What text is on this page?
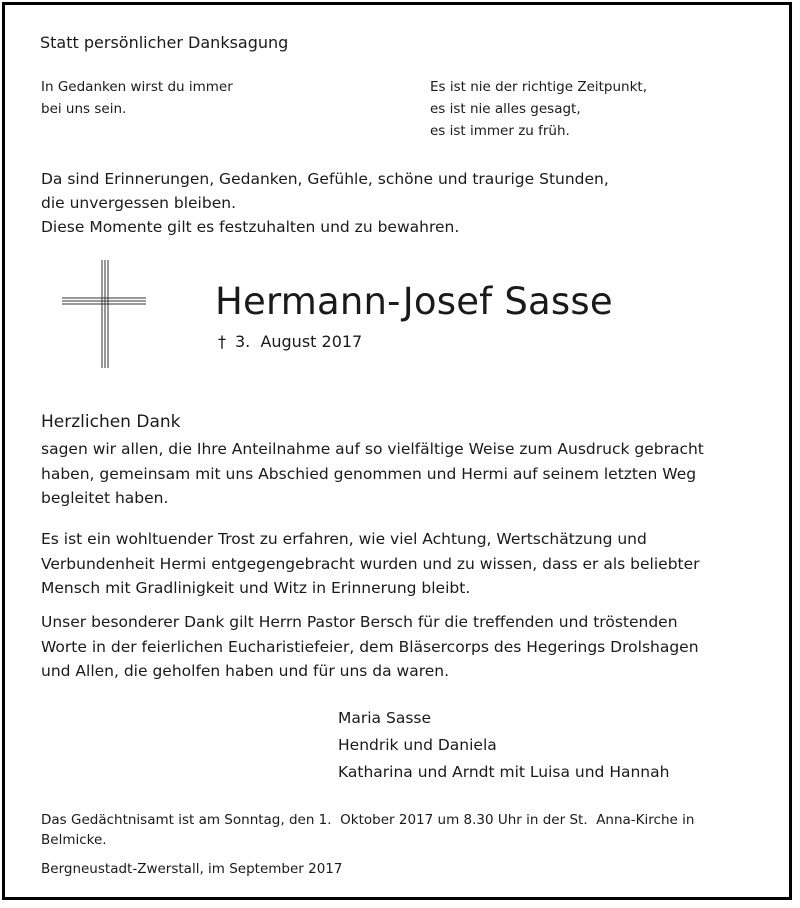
Statt persönlicher Danksagung
In Gedanken wirst du immer
bei uns sein.
Es ist nie der richtige Zeitpunkt,
es ist nie alles gesagt,
es ist immer zu früh.
Da sind Erinnerungen, Gedanken, Gefühle, schöne und traurige Stunden,
die unvergessen bleiben.
Diese Momente gilt es festzuhalten und zu bewahren.
Hermann-Josef Sasse
† 3.  August 2017
Herzlichen Dank
sagen wir allen, die Ihre Anteilnahme auf so vielfältige Weise zum Ausdruck gebracht
haben, gemeinsam mit uns Abschied genommen und Hermi auf seinem letzten Weg
begleitet haben.
Es ist ein wohltuender Trost zu erfahren, wie viel Achtung, Wertschätzung und
Verbundenheit Hermi entgegengebracht wurden und zu wissen, dass er als beliebter
Mensch mit Gradlinigkeit und Witz in Erinnerung bleibt.
Unser besonderer Dank gilt Herrn Pastor Bersch für die treffenden und tröstenden
Worte in der feierlichen Eucharistiefeier, dem Bläsercorps des Hegerings Drolshagen
und Allen, die geholfen haben und für uns da waren.
Maria Sasse
Hendrik und Daniela
Katharina und Arndt mit Luisa und Hannah
Das Gedächtnisamt ist am Sonntag, den 1.  Oktober 2017 um 8.30 Uhr in der St.  Anna-Kirche in
Belmicke.
Bergneustadt-Zwerstall, im September 2017
